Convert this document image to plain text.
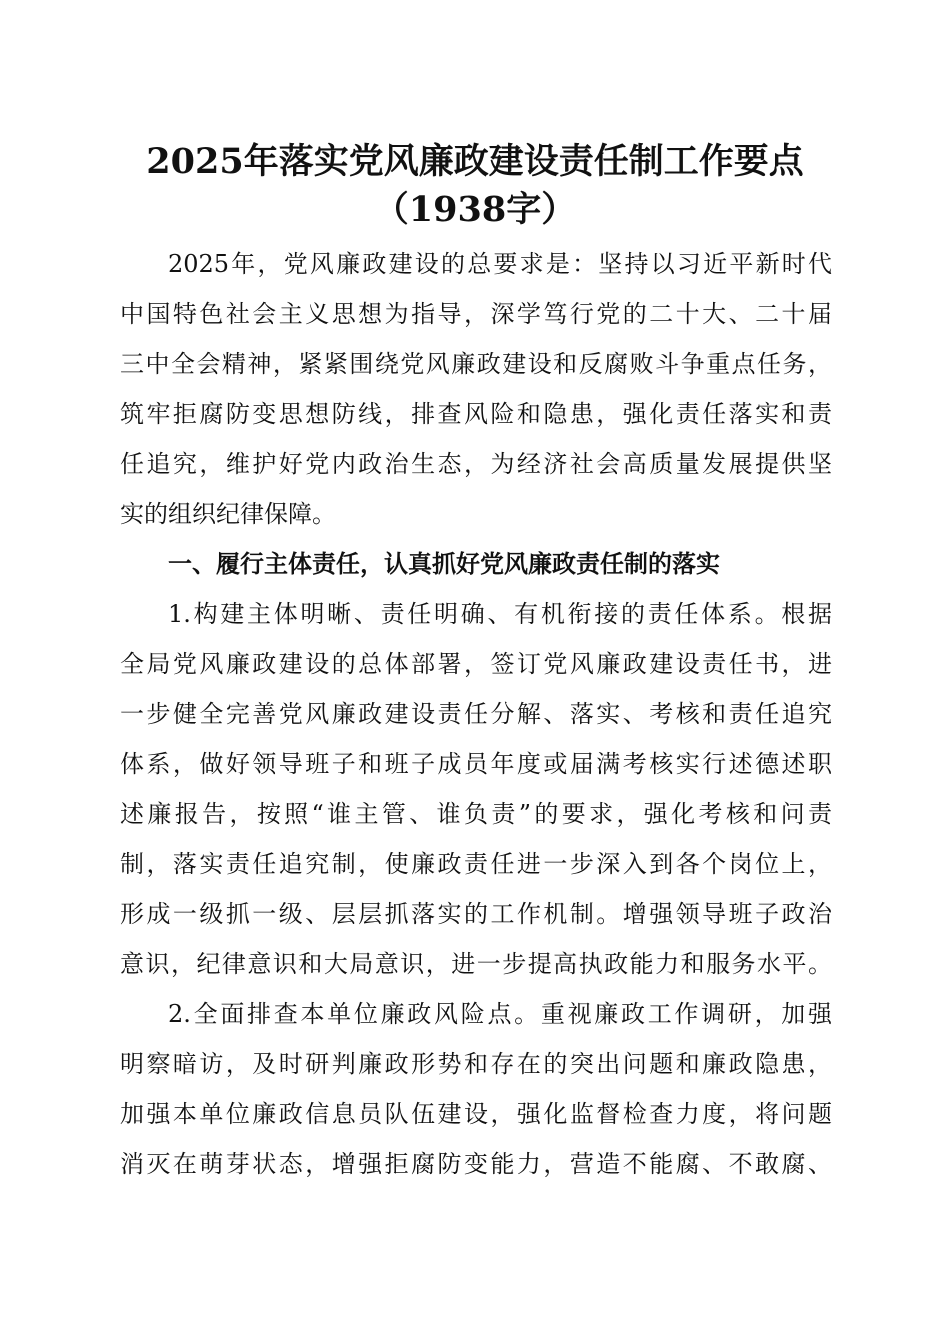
2025年落实党风廉政建设责任制工作要点
（1938字）
2025年，党风廉政建设的总要求是：坚持以习近平新时代
中国特色社会主义思想为指导，深学笃行党的二十大、二十届
三中全会精神，紧紧围绕党风廉政建设和反腐败斗争重点任务，
筑牢拒腐防变思想防线，排查风险和隐患，强化责任落实和责
任追究，维护好党内政治生态，为经济社会高质量发展提供坚
实的组织纪律保障。
一、履行主体责任，认真抓好党风廉政责任制的落实
1.构建主体明晰、责任明确、有机衔接的责任体系。根据
全局党风廉政建设的总体部署，签订党风廉政建设责任书，进
一步健全完善党风廉政建设责任分解、落实、考核和责任追究
体系，做好领导班子和班子成员年度或届满考核实行述德述职
述廉报告，按照“谁主管、谁负责”的要求，强化考核和问责
制，落实责任追究制，使廉政责任进一步深入到各个岗位上，
形成一级抓一级、层层抓落实的工作机制。增强领导班子政治
意识，纪律意识和大局意识，进一步提高执政能力和服务水平。
2.全面排查本单位廉政风险点。重视廉政工作调研，加强
明察暗访，及时研判廉政形势和存在的突出问题和廉政隐患，
加强本单位廉政信息员队伍建设，强化监督检查力度，将问题
消灭在萌芽状态，增强拒腐防变能力，营造不能腐、不敢腐、
